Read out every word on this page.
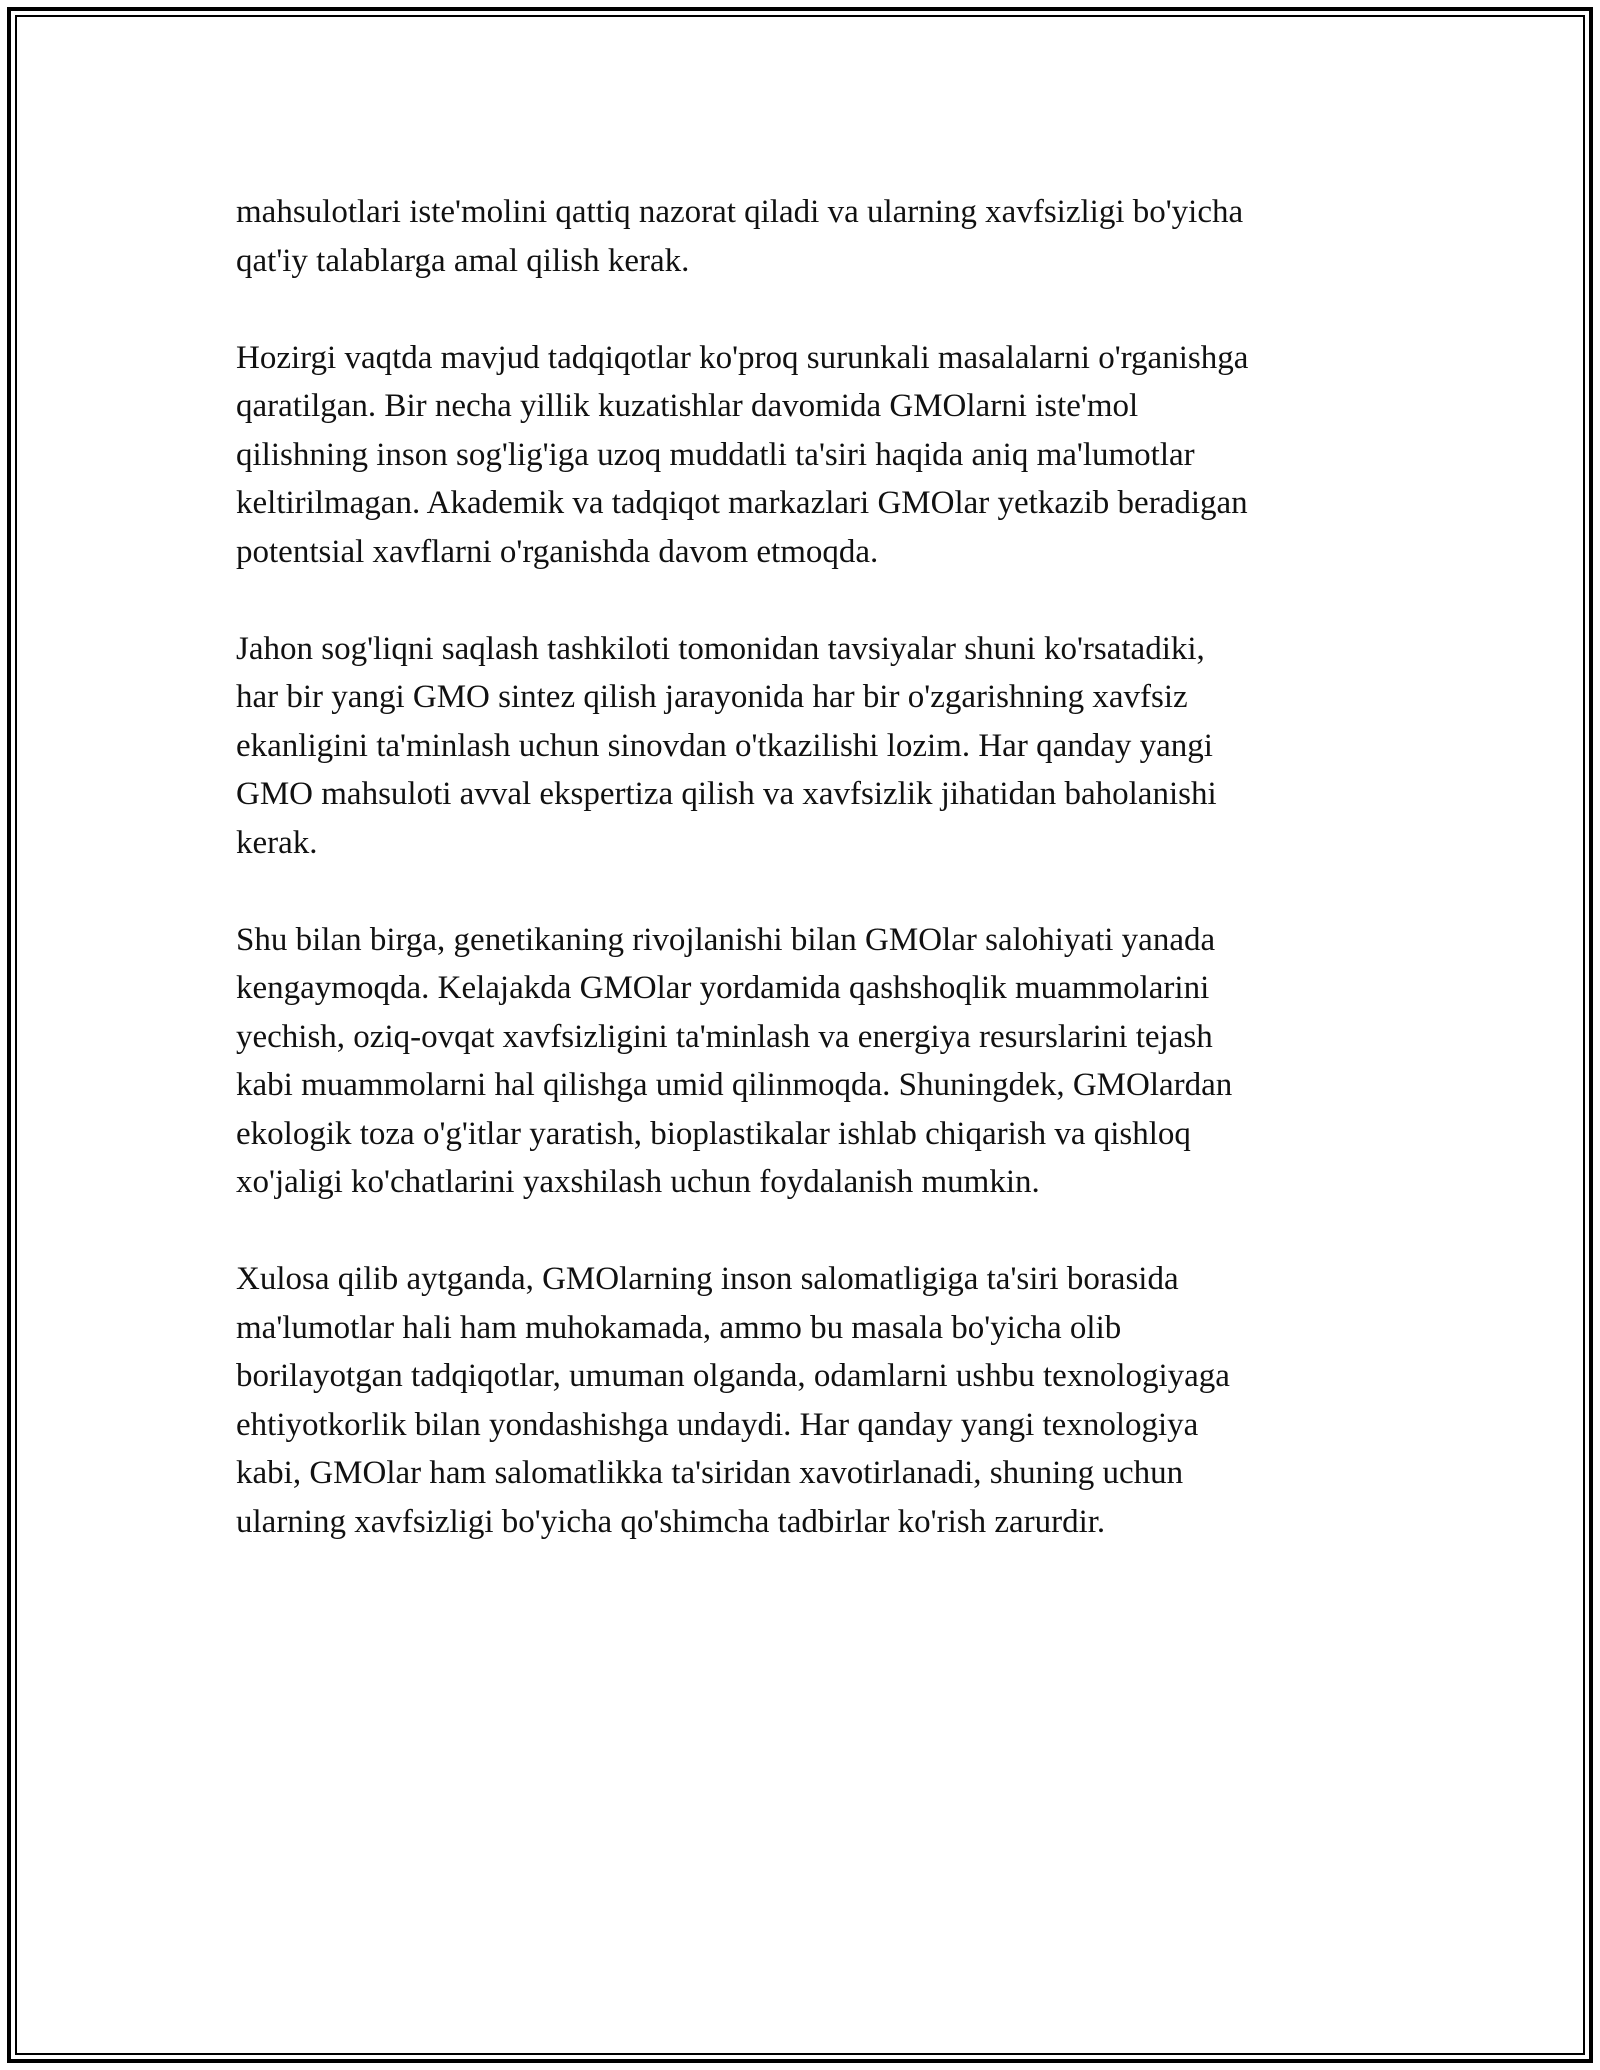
mahsulotlari iste'molini qattiq nazorat qiladi va ularning xavfsizligi bo'yicha
qat'iy talablarga amal qilish kerak.

Hozirgi vaqtda mavjud tadqiqotlar ko'proq surunkali masalalarni o'rganishga
qaratilgan. Bir necha yillik kuzatishlar davomida GMOlarni iste'mol
qilishning inson sog'lig'iga uzoq muddatli ta'siri haqida aniq ma'lumotlar
keltirilmagan. Akademik va tadqiqot markazlari GMOlar yetkazib beradigan
potentsial xavflarni o'rganishda davom etmoqda.

Jahon sog'liqni saqlash tashkiloti tomonidan tavsiyalar shuni ko'rsatadiki,
har bir yangi GMO sintez qilish jarayonida har bir o'zgarishning xavfsiz
ekanligini ta'minlash uchun sinovdan o'tkazilishi lozim. Har qanday yangi
GMO mahsuloti avval ekspertiza qilish va xavfsizlik jihatidan baholanishi
kerak.

Shu bilan birga, genetikaning rivojlanishi bilan GMOlar salohiyati yanada
kengaymoqda. Kelajakda GMOlar yordamida qashshoqlik muammolarini
yechish, oziq-ovqat xavfsizligini ta'minlash va energiya resurslarini tejash
kabi muammolarni hal qilishga umid qilinmoqda. Shuningdek, GMOlardan
ekologik toza o'g'itlar yaratish, bioplastikalar ishlab chiqarish va qishloq
xo'jaligi ko'chatlarini yaxshilash uchun foydalanish mumkin.

Xulosa qilib aytganda, GMOlarning inson salomatligiga ta'siri borasida
ma'lumotlar hali ham muhokamada, ammo bu masala bo'yicha olib
borilayotgan tadqiqotlar, umuman olganda, odamlarni ushbu texnologiyaga
ehtiyotkorlik bilan yondashishga undaydi. Har qanday yangi texnologiya
kabi, GMOlar ham salomatlikka ta'siridan xavotirlanadi, shuning uchun
ularning xavfsizligi bo'yicha qo'shimcha tadbirlar ko'rish zarurdir.
